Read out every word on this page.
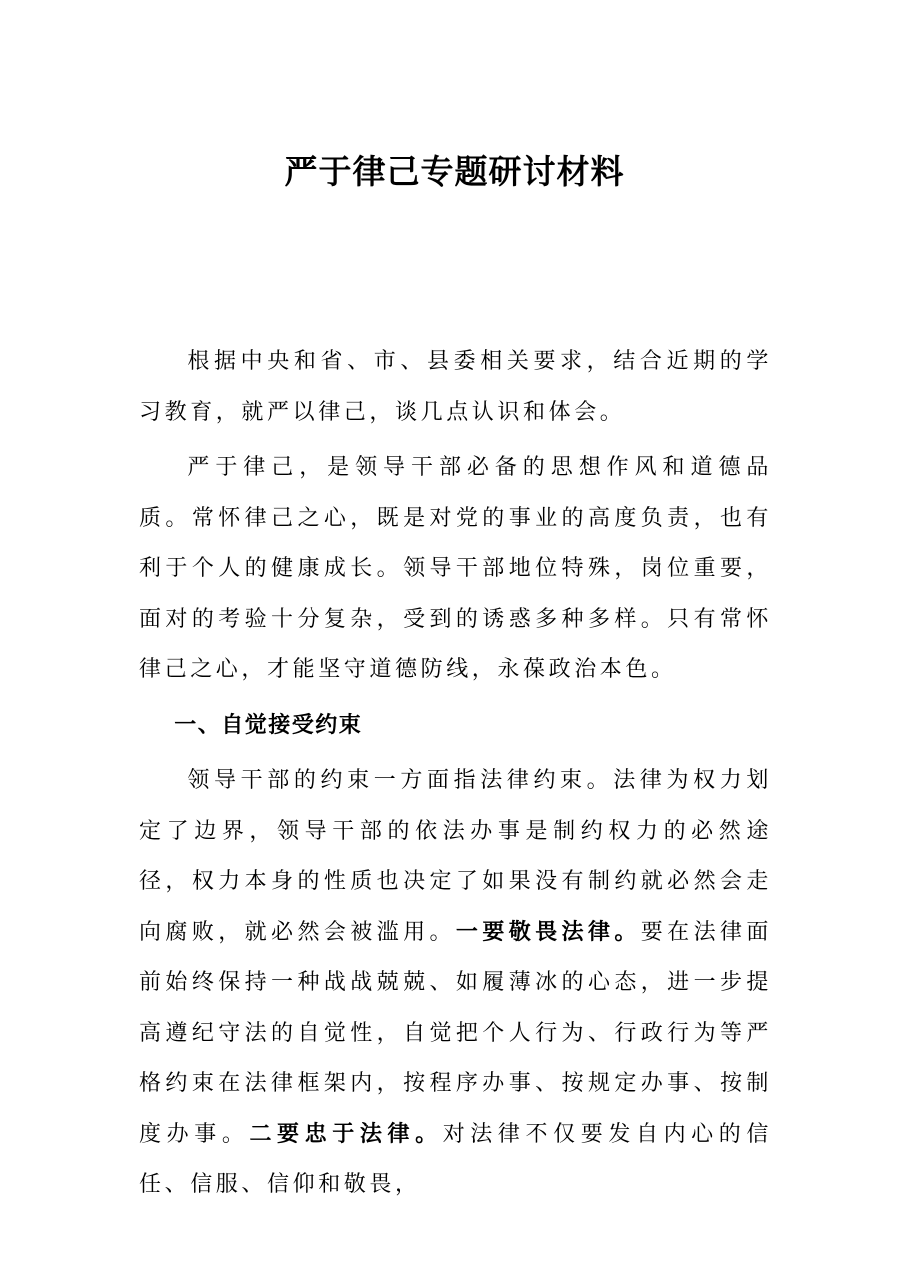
严于律己专题研讨材料

根据中央和省、市、县委相关要求，结合近期的学习教育，就严以律己，谈几点认识和体会。

严于律己，是领导干部必备的思想作风和道德品质。常怀律己之心，既是对党的事业的高度负责，也有利于个人的健康成长。领导干部地位特殊，岗位重要，面对的考验十分复杂，受到的诱惑多种多样。只有常怀律己之心，才能坚守道德防线，永葆政治本色。

一、自觉接受约束

领导干部的约束一方面指法律约束。法律为权力划定了边界，领导干部的依法办事是制约权力的必然途径，权力本身的性质也决定了如果没有制约就必然会走向腐败，就必然会被滥用。一要敬畏法律。要在法律面前始终保持一种战战兢兢、如履薄冰的心态，进一步提高遵纪守法的自觉性，自觉把个人行为、行政行为等严格约束在法律框架内，按程序办事、按规定办事、按制度办事。二要忠于法律。对法律不仅要发自内心的信任、信服、信仰和敬畏，
